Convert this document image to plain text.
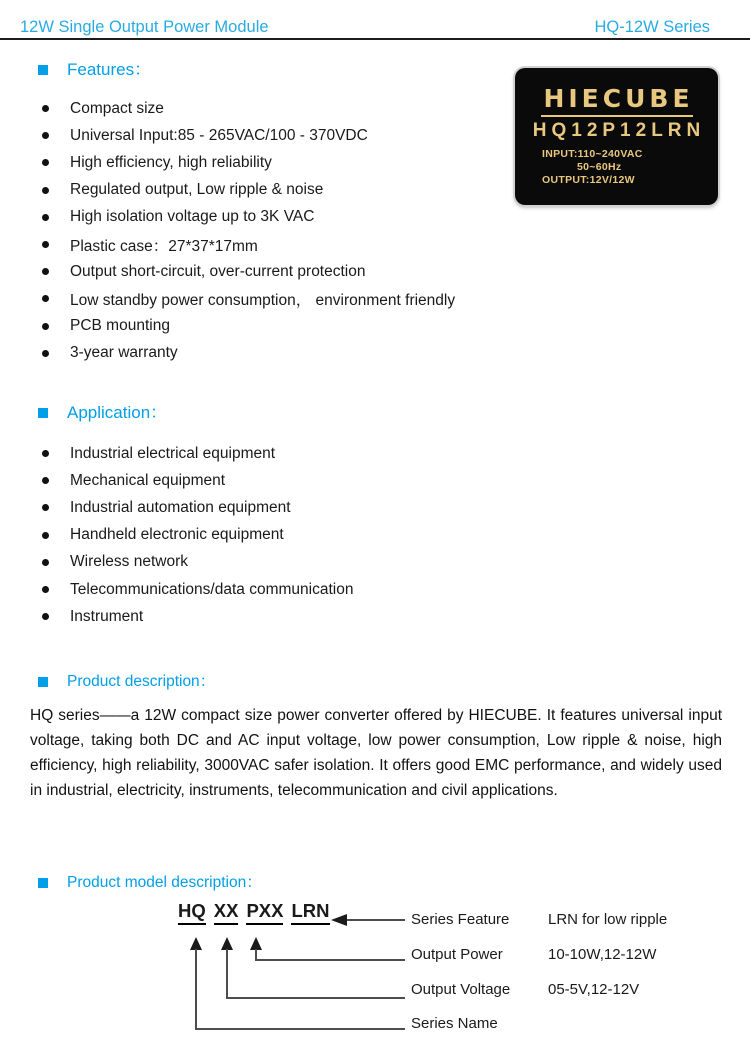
12W Single Output Power Module	HQ-12W Series
HIECUBE
HQ12P12LRN
INPUT:110~240VAC
50~60Hz
OUTPUT:12V/12W
Features：
Compact size
Universal Input:85 - 265VAC/100 - 370VDC
High efficiency, high reliability
Regulated output, Low ripple & noise
High isolation voltage up to 3K VAC
Plastic case：27*37*17mm
Output short-circuit, over-current protection
Low standby power consumption， environment friendly
PCB mounting
3-year warranty
Application：
Industrial electrical equipment
Mechanical equipment
Industrial automation equipment
Handheld electronic equipment
Wireless network
Telecommunications/data communication
Instrument
Product description：
HQ series——a 12W compact size power converter offered by HIECUBE. It features universal input voltage, taking both DC and AC input voltage, low power consumption, Low ripple & noise, high efficiency, high reliability, 3000VAC safer isolation. It offers good EMC performance, and widely used in industrial, electricity, instruments, telecommunication and civil applications.
Product model description：
HQ XX PXX LRN	Series Feature
Output Power
Output Voltage
Series Name
LRN for low ripple
10-10W,12-12W
05-5V,12-12V
